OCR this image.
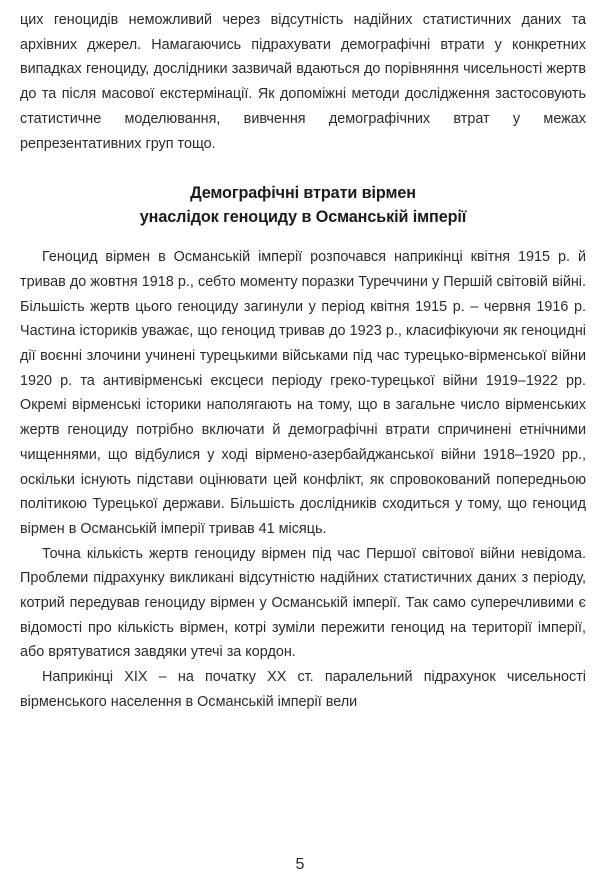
цих геноцидів неможливий через відсутність надійних статистичних даних та архівних джерел. Намагаючись підрахувати демографічні втрати у конкретних випадках геноциду, дослідники зазвичай вдаються до порівняння чисельності жертв до та після масової екстермінації. Як допоміжні методи дослідження застосовують статистичне моделювання, вивчення демографічних втрат у межах репрезентативних груп тощо.

Демографічні втрати вірмен
унаслідок геноциду в Османській імперії

Геноцид вірмен в Османській імперії розпочався наприкінці квітня 1915 р. й тривав до жовтня 1918 р., себто моменту поразки Туреччини у Першій світовій війні. Більшість жертв цього геноциду загинули у період квітня 1915 р. – червня 1916 р. Частина істориків уважає, що геноцид тривав до 1923 р., класифікуючи як геноцидні дії воєнні злочини учинені турецькими військами під час турецько-вірменської війни 1920 р. та антивірменські ексцеси періоду греко-турецької війни 1919–1922 рр. Окремі вірменські історики наполягають на тому, що в загальне число вірменських жертв геноциду потрібно включати й демографічні втрати спричинені етнічними чищеннями, що відбулися у ході вірмено-азербайджанської війни 1918–1920 рр., оскільки існують підстави оцінювати цей конфлікт, як спровокований попередньою політикою Турецької держави. Більшість дослідників сходиться у тому, що геноцид вірмен в Османській імперії тривав 41 місяць.

Точна кількість жертв геноциду вірмен під час Першої світової війни невідома. Проблеми підрахунку викликані відсутністю надійних статистичних даних з періоду, котрий передував геноциду вірмен у Османській імперії. Так само суперечливими є відомості про кількість вірмен, котрі зуміли пережити геноцид на території імперії, або врятуватися завдяки утечі за кордон.

Наприкінці XIX – на початку XX ст. паралельний підрахунок чисельності вірменського населення в Османській імперії вели

5
